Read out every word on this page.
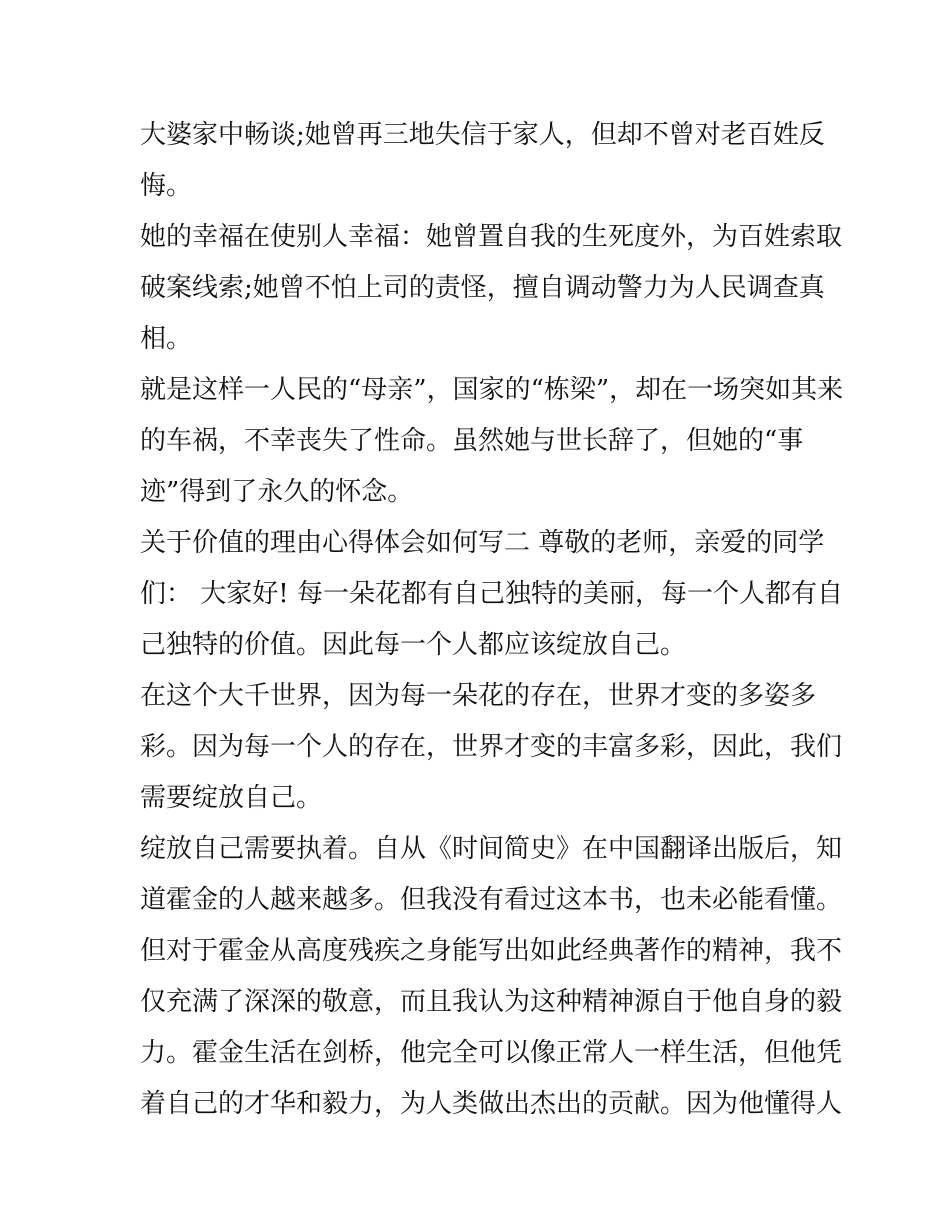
大婆家中畅谈;她曾再三地失信于家人，但却不曾对老百姓反
悔。

她的幸福在使别人幸福：她曾置自我的生死度外，为百姓索取
破案线索;她曾不怕上司的责怪，擅自调动警力为人民调查真
相。

就是这样一人民的“母亲”，国家的“栋梁”，却在一场突如其来
的车祸，不幸丧失了性命。虽然她与世长辞了，但她的“事
迹”得到了永久的怀念。

关于价值的理由心得体会如何写二 尊敬的老师，亲爱的同学
们： 大家好! 每一朵花都有自己独特的美丽，每一个人都有自
己独特的价值。因此每一个人都应该绽放自己。

在这个大千世界，因为每一朵花的存在，世界才变的多姿多
彩。因为每一个人的存在，世界才变的丰富多彩，因此，我们
需要绽放自己。

绽放自己需要执着。自从《时间简史》在中国翻译出版后，知
道霍金的人越来越多。但我没有看过这本书，也未必能看懂。
但对于霍金从高度残疾之身能写出如此经典著作的精神，我不
仅充满了深深的敬意，而且我认为这种精神源自于他自身的毅
力。霍金生活在剑桥，他完全可以像正常人一样生活，但他凭
着自己的才华和毅力，为人类做出杰出的贡献。因为他懂得人
